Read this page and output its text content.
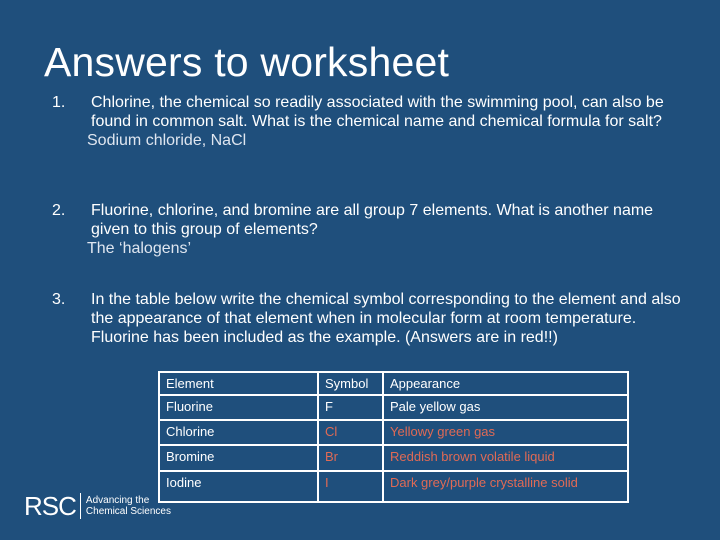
Answers to worksheet
1.	Chlorine, the chemical so readily associated with the swimming pool, can also be found in common salt. What is the chemical name and chemical formula for salt?
Sodium chloride, NaCl
2.	Fluorine, chlorine, and bromine are all group 7 elements. What is another name given to this group of elements?
The ‘halogens’
3.	In the table below write the chemical symbol corresponding to the element and also the appearance of that element when in molecular form at room temperature. Fluorine has been included as the example. (Answers are in red!!)
Element	Symbol	Appearance
Fluorine	F	Pale yellow gas
Chlorine	Cl	Yellowy green gas
Bromine	Br	Reddish brown volatile liquid
Iodine	I	Dark grey/purple crystalline solid
RSC Advancing the
Chemical Sciences
